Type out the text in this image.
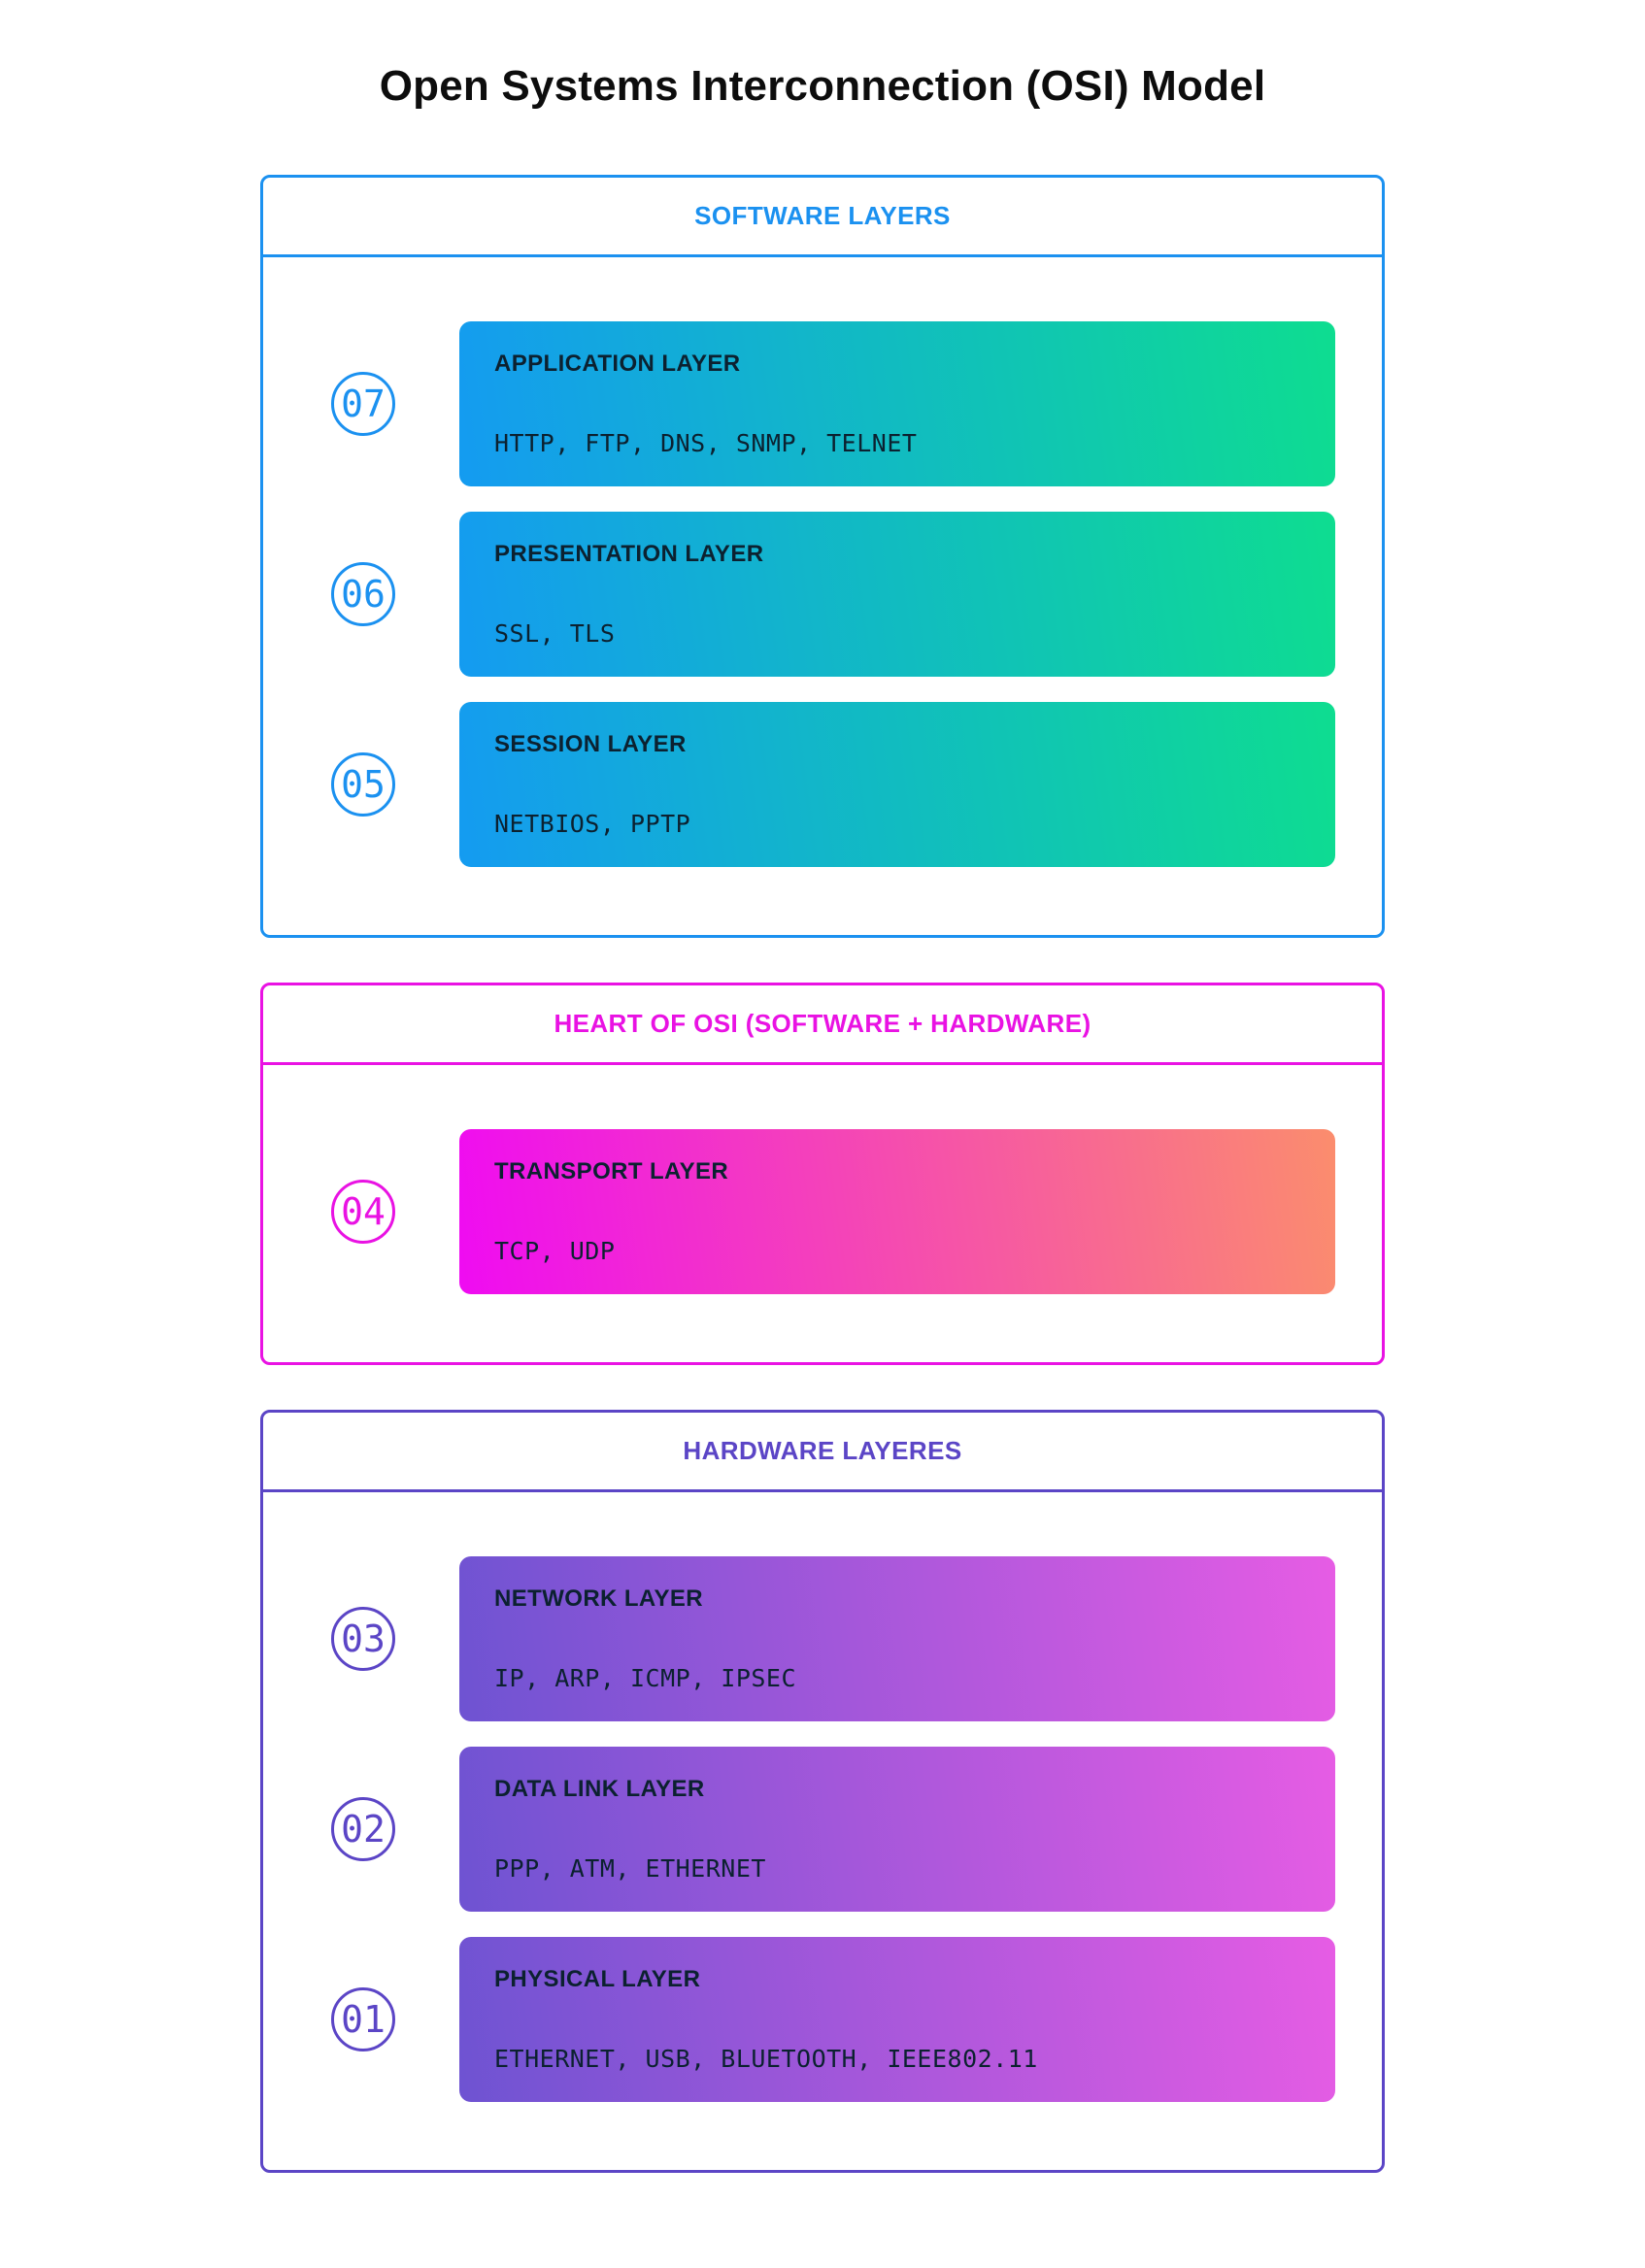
Open Systems Interconnection (OSI) Model
SOFTWARE LAYERS
07
APPLICATION LAYER
HTTP, FTP, DNS, SNMP, TELNET
06
PRESENTATION LAYER
SSL, TLS
05
SESSION LAYER
NETBIOS, PPTP
HEART OF OSI (SOFTWARE + HARDWARE)
04
TRANSPORT LAYER
TCP, UDP
HARDWARE LAYERES
03
NETWORK LAYER
IP, ARP, ICMP, IPSEC
02
DATA LINK LAYER
PPP, ATM, ETHERNET
01
PHYSICAL LAYER
ETHERNET, USB, BLUETOOTH, IEEE802.11
